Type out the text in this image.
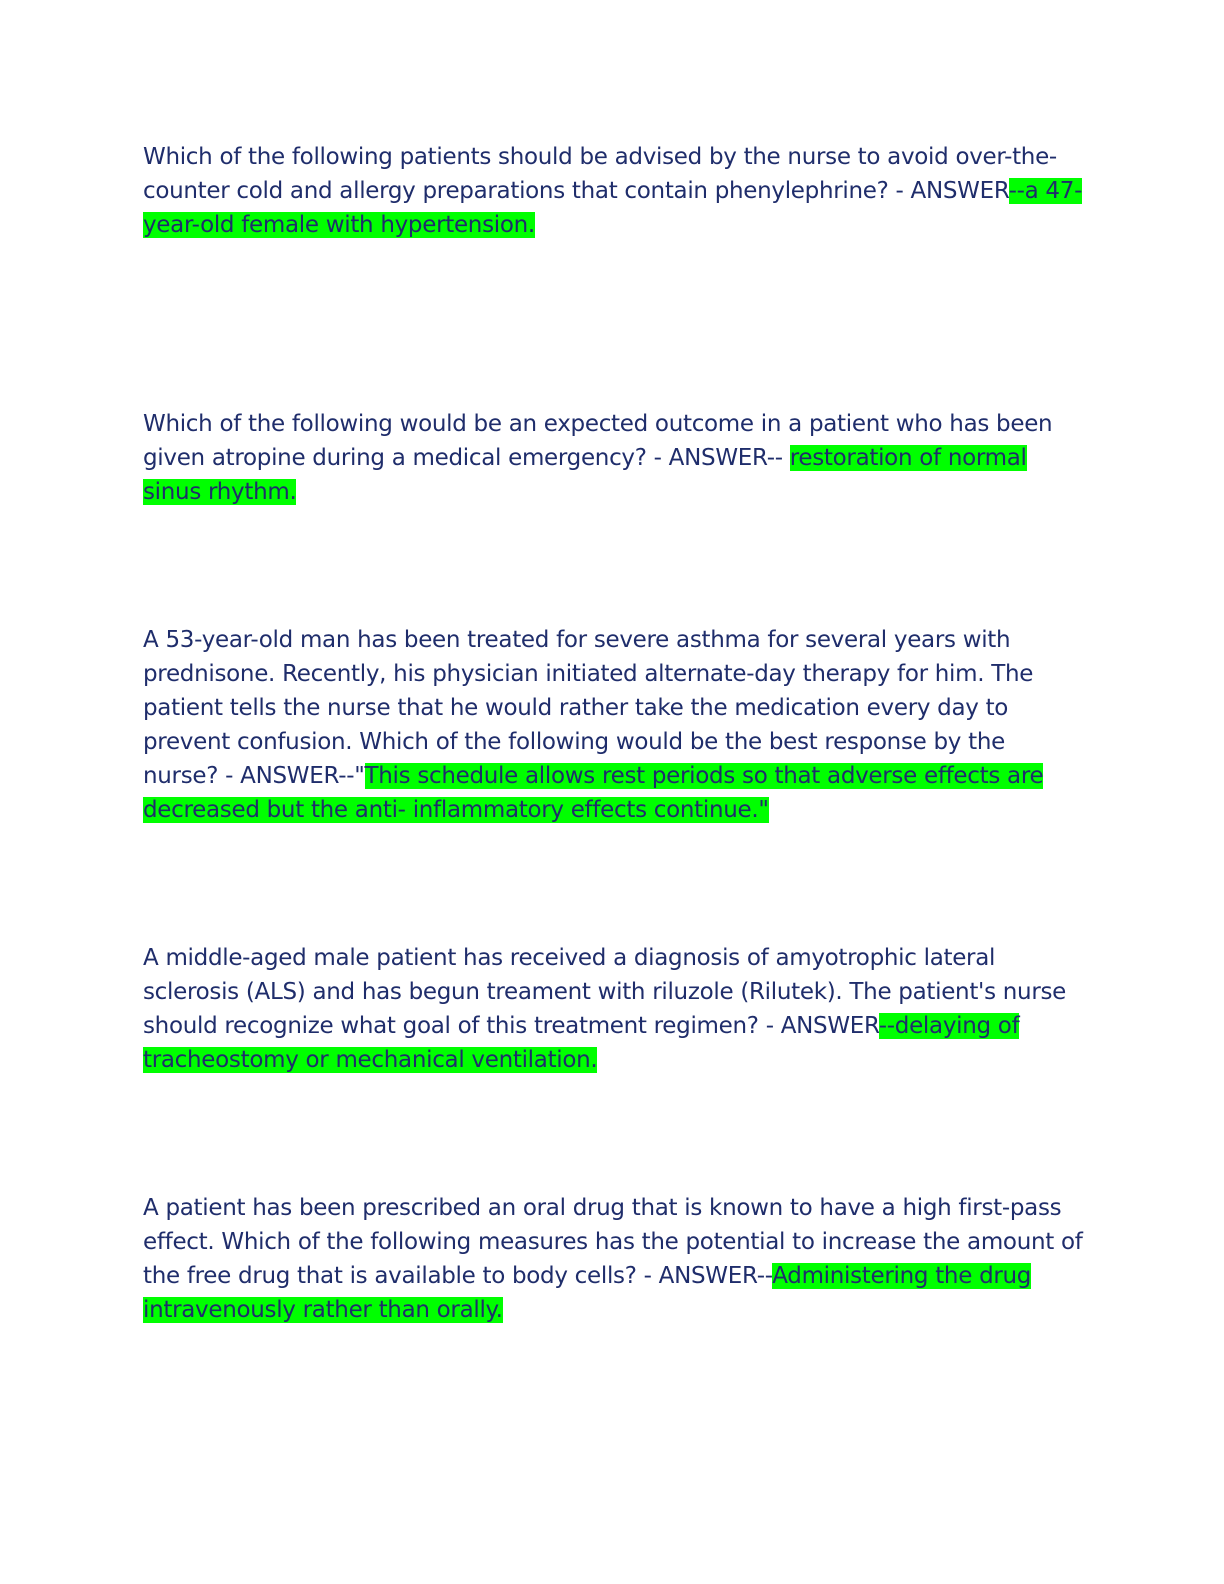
Which of the following patients should be advised by the nurse to avoid over-the-counter cold and allergy preparations that contain phenylephrine? - ANSWER--a 47-year-old female with hypertension.

Which of the following would be an expected outcome in a patient who has been given atropine during a medical emergency? - ANSWER-- restoration of normal sinus rhythm.

A 53-year-old man has been treated for severe asthma for several years with prednisone. Recently, his physician initiated alternate-day therapy for him. The patient tells the nurse that he would rather take the medication every day to prevent confusion. Which of the following would be the best response by the nurse? - ANSWER--"This schedule allows rest periods so that adverse effects are decreased but the anti- inflammatory effects continue."

A middle-aged male patient has received a diagnosis of amyotrophic lateral sclerosis (ALS) and has begun treament with riluzole (Rilutek). The patient's nurse should recognize what goal of this treatment regimen? - ANSWER--delaying of tracheostomy or mechanical ventilation.

A patient has been prescribed an oral drug that is known to have a high first-pass effect. Which of the following measures has the potential to increase the amount of the free drug that is available to body cells? - ANSWER--Administering the drug intravenously rather than orally.
